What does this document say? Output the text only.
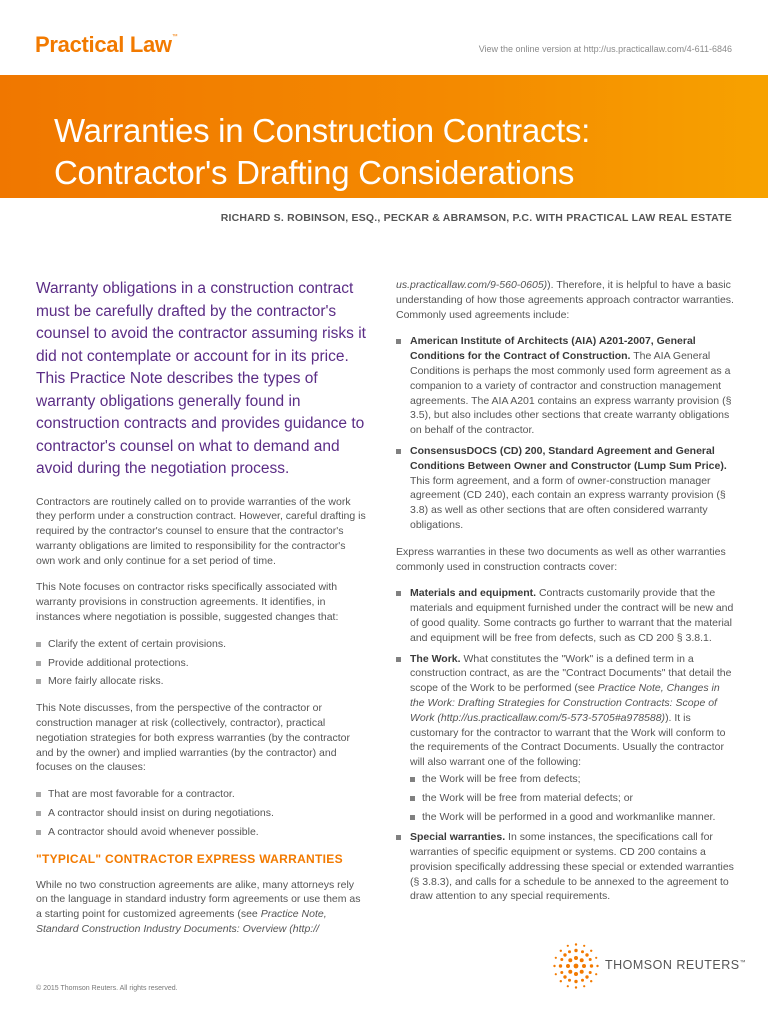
Practical Law™
View the online version at http://us.practicallaw.com/4-611-6846
Warranties in Construction Contracts:
Contractor's Drafting Considerations
RICHARD S. ROBINSON, ESQ., PECKAR & ABRAMSON, P.C. WITH PRACTICAL LAW REAL ESTATE

Warranty obligations in a construction contract must be carefully drafted by the contractor's counsel to avoid the contractor assuming risks it did not contemplate or account for in its price. This Practice Note describes the types of warranty obligations generally found in construction contracts and provides guidance to contractor's counsel on what to demand and avoid during the negotiation process.

Contractors are routinely called on to provide warranties of the work they perform under a construction contract. However, careful drafting is required by the contractor's counsel to ensure that the contractor's warranty obligations are limited to responsibility for the contractor's own work and only continue for a set period of time.

This Note focuses on contractor risks specifically associated with warranty provisions in construction agreements. It identifies, in instances where negotiation is possible, suggested changes that:

Clarify the extent of certain provisions.
Provide additional protections.
More fairly allocate risks.

This Note discusses, from the perspective of the contractor or construction manager at risk (collectively, contractor), practical negotiation strategies for both express warranties (by the contractor and by the owner) and implied warranties (by the contractor) and focuses on the clauses:

That are most favorable for a contractor.
A contractor should insist on during negotiations.
A contractor should avoid whenever possible.
"TYPICAL" CONTRACTOR EXPRESS WARRANTIES

While no two construction agreements are alike, many attorneys rely on the language in standard industry form agreements or use them as a starting point for customized agreements (see Practice Note, Standard Construction Industry Documents: Overview (http://

us.practicallaw.com/9-560-0605)). Therefore, it is helpful to have a basic understanding of how those agreements approach contractor warranties. Commonly used agreements include:

American Institute of Architects (AIA) A201-2007, General Conditions for the Contract of Construction. The AIA General Conditions is perhaps the most commonly used form agreement as a companion to a variety of contractor and construction management agreements. The AIA A201 contains an express warranty provision (§ 3.5), but also includes other sections that create warranty obligations on behalf of the contractor.
ConsensusDOCS (CD) 200, Standard Agreement and General Conditions Between Owner and Constructor (Lump Sum Price). This form agreement, and a form of owner-construction manager agreement (CD 240), each contain an express warranty provision (§ 3.8) as well as other sections that are often considered warranty obligations.

Express warranties in these two documents as well as other warranties commonly used in construction contracts cover:

Materials and equipment. Contracts customarily provide that the materials and equipment furnished under the contract will be new and of good quality. Some contracts go further to warrant that the material and equipment will be free from defects, such as CD 200 § 3.8.1.
The Work. What constitutes the "Work" is a defined term in a construction contract, as are the "Contract Documents" that detail the scope of the Work to be performed (see Practice Note, Changes in the Work: Drafting Strategies for Construction Contracts: Scope of Work (http://us.practicallaw.com/5-573-5705#a978588)). It is customary for the contractor to warrant that the Work will conform to the requirements of the Contract Documents. Usually the contractor will also warrant one of the following:
the Work will be free from defects;
the Work will be free from material defects; or
the Work will be performed in a good and workmanlike manner.
Special warranties. In some instances, the specifications call for warranties of specific equipment or systems. CD 200 contains a provision specifically addressing these special or extended warranties (§ 3.8.3), and calls for a schedule to be annexed to the agreement to draw attention to any special requirements.
© 2015 Thomson Reuters. All rights reserved.
THOMSON REUTERS™
